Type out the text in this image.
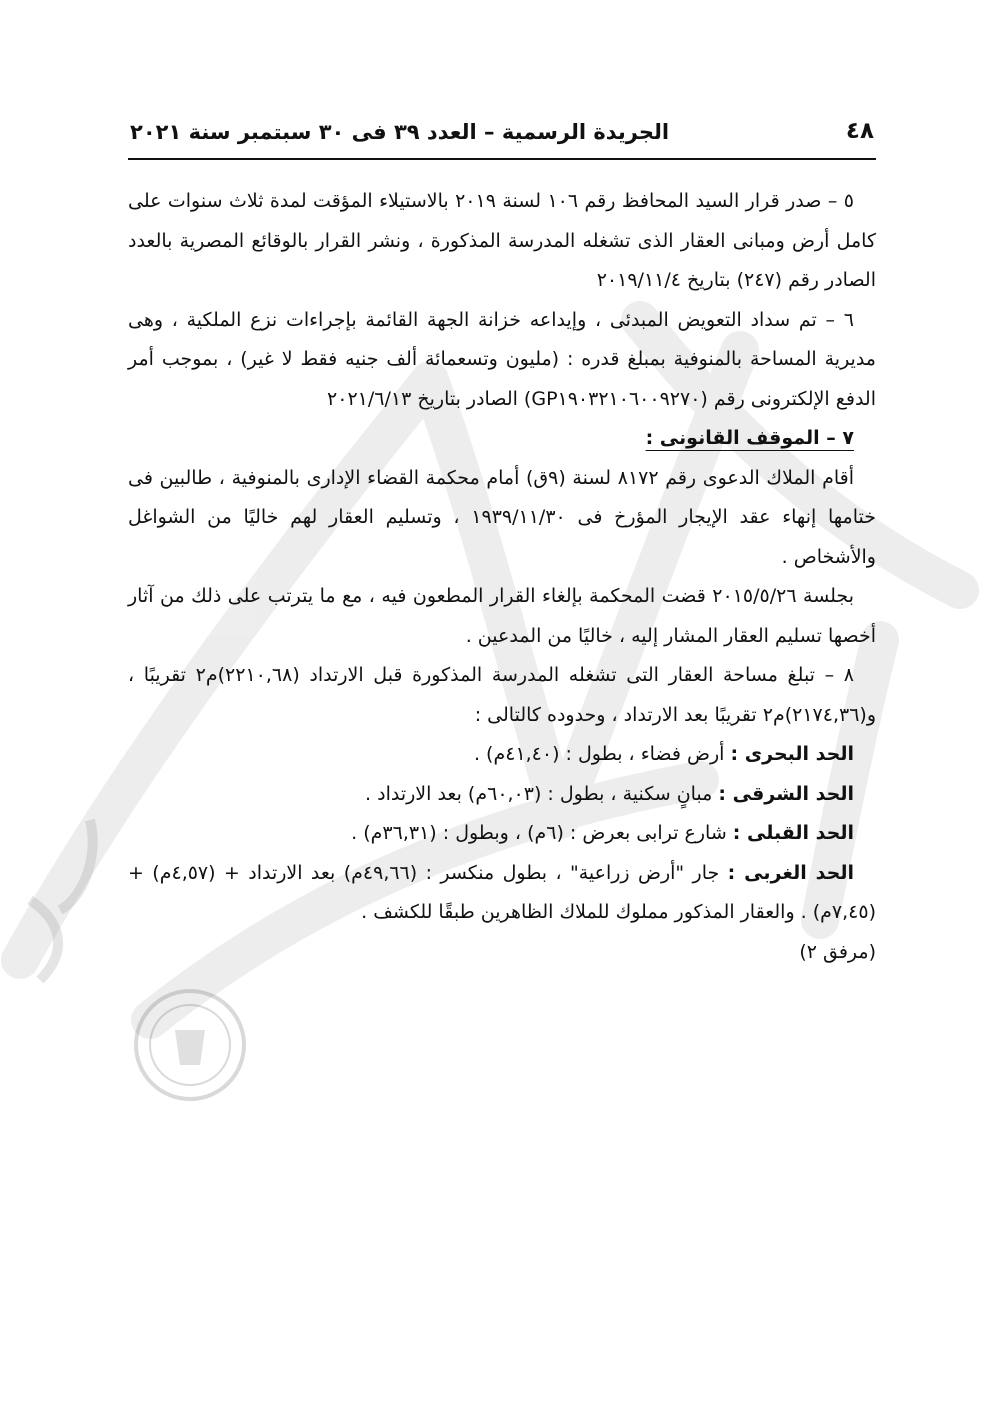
٤٨
الجريدة الرسمية – العدد ٣٩ فى ٣٠ سبتمبر سنة ٢٠٢١

٥ – صدر قرار السيد المحافظ رقم ١٠٦ لسنة ٢٠١٩ بالاستيلاء المؤقت لمدة ثلاث سنوات على كامل أرض ومبانى العقار الذى تشغله المدرسة المذكورة ، ونشر القرار بالوقائع المصرية بالعدد الصادر رقم (٢٤٧) بتاريخ ٢٠١٩/١١/٤

٦ – تم سداد التعويض المبدئى ، وإيداعه خزانة الجهة القائمة بإجراءات نزع الملكية ، وهى مديرية المساحة بالمنوفية بمبلغ قدره : (مليون وتسعمائة ألف جنيه فقط لا غير) ، بموجب أمر الدفع الإلكترونى رقم (GP١٩٠٣٢١٠٦٠٠٩٢٧٠) الصادر بتاريخ ٢٠٢١/٦/١٣

٧ – الموقف القانونى :

أقام الملاك الدعوى رقم ٨١٧٢ لسنة (٩ق) أمام محكمة القضاء الإدارى بالمنوفية ، طالبين فى ختامها إنهاء عقد الإيجار المؤرخ فى ١٩٣٩/١١/٣٠ ، وتسليم العقار لهم خاليًا من الشواغل والأشخاص .

بجلسة ٢٠١٥/٥/٢٦ قضت المحكمة بإلغاء القرار المطعون فيه ، مع ما يترتب على ذلك من آثار أخصها تسليم العقار المشار إليه ، خاليًا من المدعين .

٨ – تبلغ مساحة العقار التى تشغله المدرسة المذكورة قبل الارتداد (٢٢١٠,٦٨)م٢ تقريبًا ، و(٢١٧٤,٣٦)م٢ تقريبًا بعد الارتداد ، وحدوده كالتالى :

الحد البحرى : أرض فضاء ، بطول : (٤١,٤٠م) .

الحد الشرقى : مبانٍ سكنية ، بطول : (٦٠,٠٣م) بعد الارتداد .

الحد القبلى : شارع ترابى بعرض : (٦م) ، وبطول : (٣٦,٣١م) .

الحد الغربى : جار "أرض زراعية" ، بطول منكسر : (٤٩,٦٦م) بعد الارتداد + (٤,٥٧م) + (٧,٤٥م) . والعقار المذكور مملوك للملاك الظاهرين طبقًا للكشف .

(مرفق ٢)
